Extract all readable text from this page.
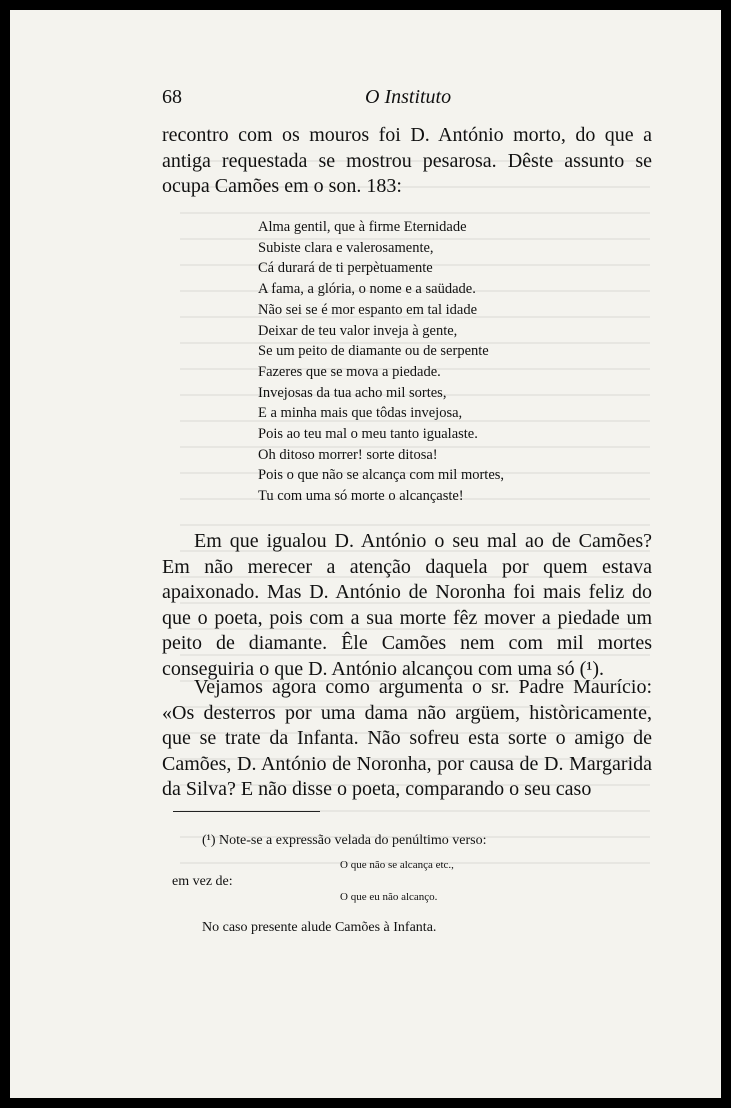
68	O Instituto

recontro com os mouros foi D. António morto, do que a antiga requestada se mostrou pesarosa. Dêste assunto se ocupa Camões em o son. 183:

Alma gentil, que à firme Eternidade
Subiste clara e valerosamente,
Cá durará de ti perpètuamente
A fama, a glória, o nome e a saüdade.
Não sei se é mor espanto em tal idade
Deixar de teu valor inveja à gente,
Se um peito de diamante ou de serpente
Fazeres que se mova a piedade.
Invejosas da tua acho mil sortes,
E a minha mais que tôdas invejosa,
Pois ao teu mal o meu tanto igualaste.
Oh ditoso morrer! sorte ditosa!
Pois o que não se alcança com mil mortes,
Tu com uma só morte o alcançaste!

Em que igualou D. António o seu mal ao de Camões? Em não merecer a atenção daquela por quem estava apaixonado. Mas D. António de Noronha foi mais feliz do que o poeta, pois com a sua morte fêz mover a piedade um peito de diamante. Êle Camões nem com mil mortes conseguiria o que D. António alcançou com uma só (¹).

Vejamos agora como argumenta o sr. Padre Maurício: «Os desterros por uma dama não argüem, històricamente, que se trate da Infanta. Não sofreu esta sorte o amigo de Camões, D. António de Noronha, por causa de D. Margarida da Silva? E não disse o poeta, comparando o seu caso

(¹) Note-se a expressão velada do penúltimo verso:
O que não se alcança etc.,
em vez de:
O que eu não alcanço.
No caso presente alude Camões à Infanta.
